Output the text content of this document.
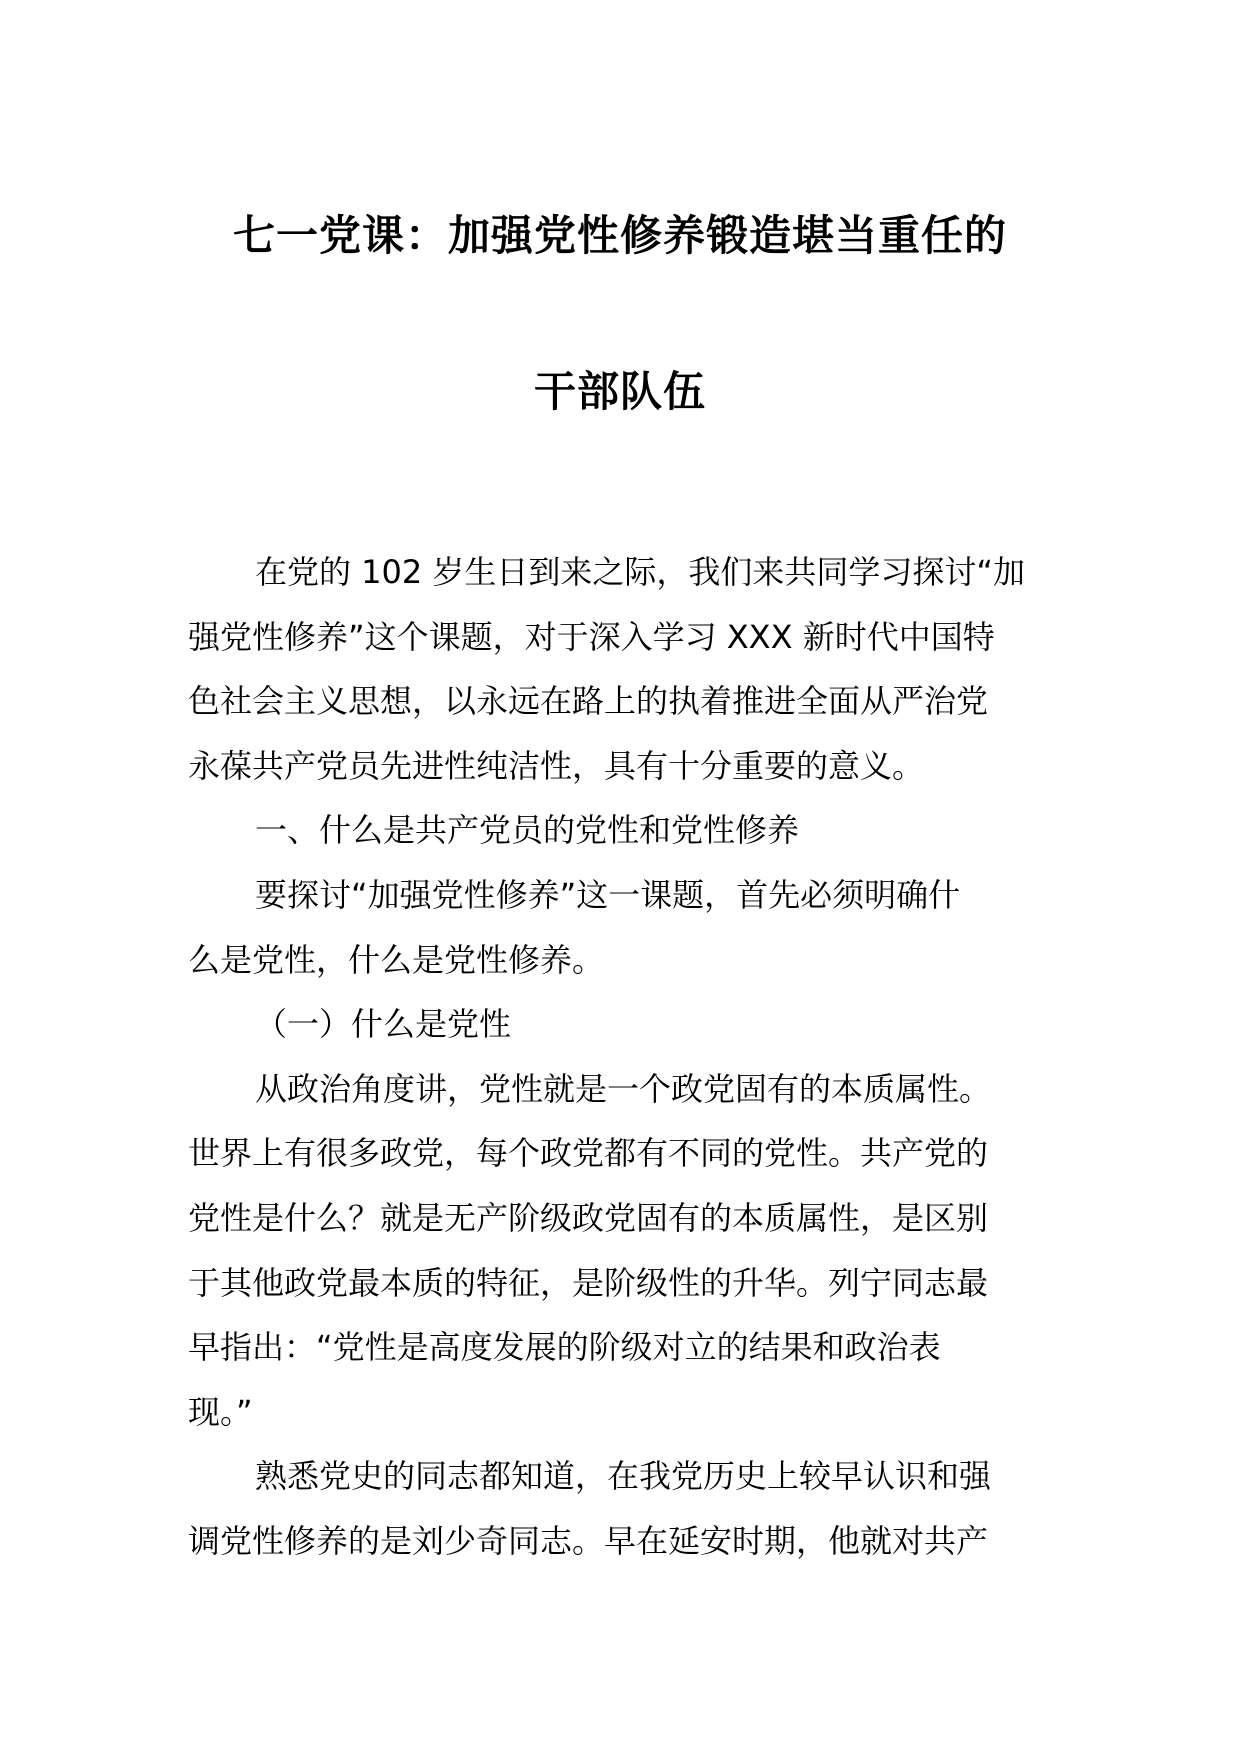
七一党课：加强党性修养锻造堪当重任的
干部队伍
在党的 102 岁生日到来之际，我们来共同学习探讨“加
强党性修养”这个课题，对于深入学习 XXX 新时代中国特
色社会主义思想，以永远在路上的执着推进全面从严治党
永葆共产党员先进性纯洁性，具有十分重要的意义。
一、什么是共产党员的党性和党性修养
要探讨“加强党性修养”这一课题，首先必须明确什
么是党性，什么是党性修养。
（一）什么是党性
从政治角度讲，党性就是一个政党固有的本质属性。
世界上有很多政党，每个政党都有不同的党性。共产党的
党性是什么？就是无产阶级政党固有的本质属性，是区别
于其他政党最本质的特征，是阶级性的升华。列宁同志最
早指出：“党性是高度发展的阶级对立的结果和政治表
现。”
熟悉党史的同志都知道，在我党历史上较早认识和强
调党性修养的是刘少奇同志。早在延安时期，他就对共产
